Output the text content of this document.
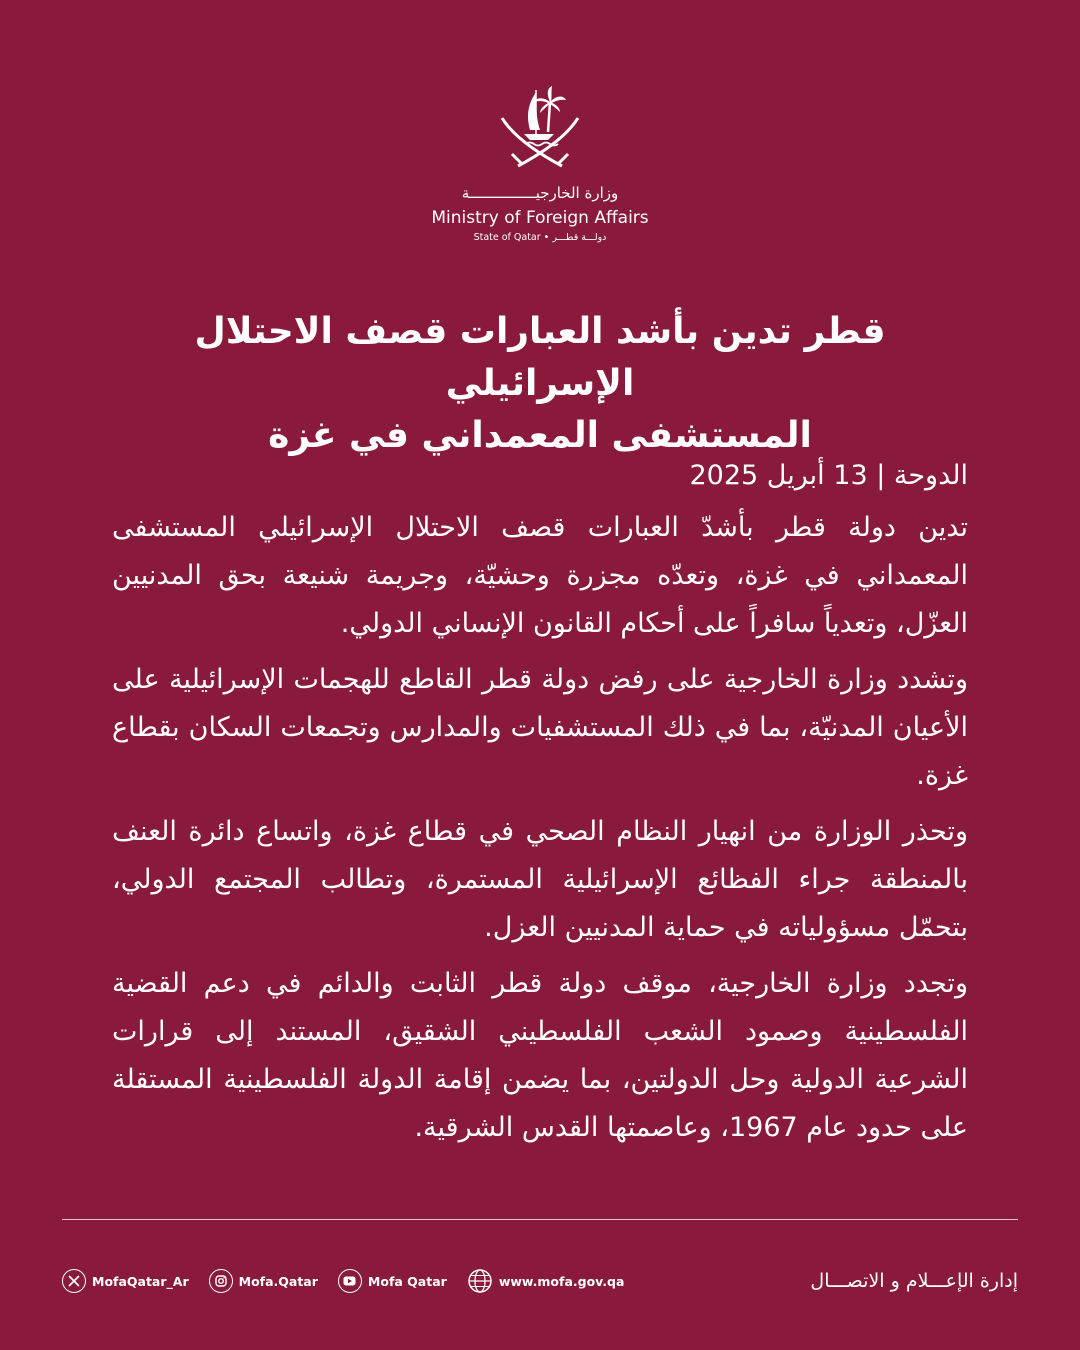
وزارة الخارجيـــــــــــــــة
Ministry of Foreign Affairs
State of Qatar • دولـــة قطـــر
قطر تدين بأشد العبارات قصف الاحتلال الإسرائيلي
المستشفى المعمداني في غزة

الدوحة | 13 أبريل 2025

تدين دولة قطر بأشدّ العبارات قصف الاحتلال الإسرائيلي المستشفى المعمداني في غزة، وتعدّه مجزرة وحشيّة، وجريمة شنيعة بحق المدنيين العزّل، وتعدياً سافراً على أحكام القانون الإنساني الدولي.

وتشدد وزارة الخارجية على رفض دولة قطر القاطع للهجمات الإسرائيلية على الأعيان المدنيّة، بما في ذلك المستشفيات والمدارس وتجمعات السكان بقطاع غزة.

وتحذر الوزارة من انهيار النظام الصحي في قطاع غزة، واتساع دائرة العنف بالمنطقة جراء الفظائع الإسرائيلية المستمرة، وتطالب المجتمع الدولي، بتحمّل مسؤولياته في حماية المدنيين العزل.

وتجدد وزارة الخارجية، موقف دولة قطر الثابت والدائم في دعم القضية الفلسطينية وصمود الشعب الفلسطيني الشقيق، المستند إلى قرارات الشرعية الدولية وحل الدولتين، بما يضمن إقامة الدولة الفلسطينية المستقلة على حدود عام 1967، وعاصمتها القدس الشرقية.

MofaQatar_Ar	Mofa.Qatar	Mofa Qatar	www.mofa.gov.qa	إدارة الإعـــلام و الاتصـــال
